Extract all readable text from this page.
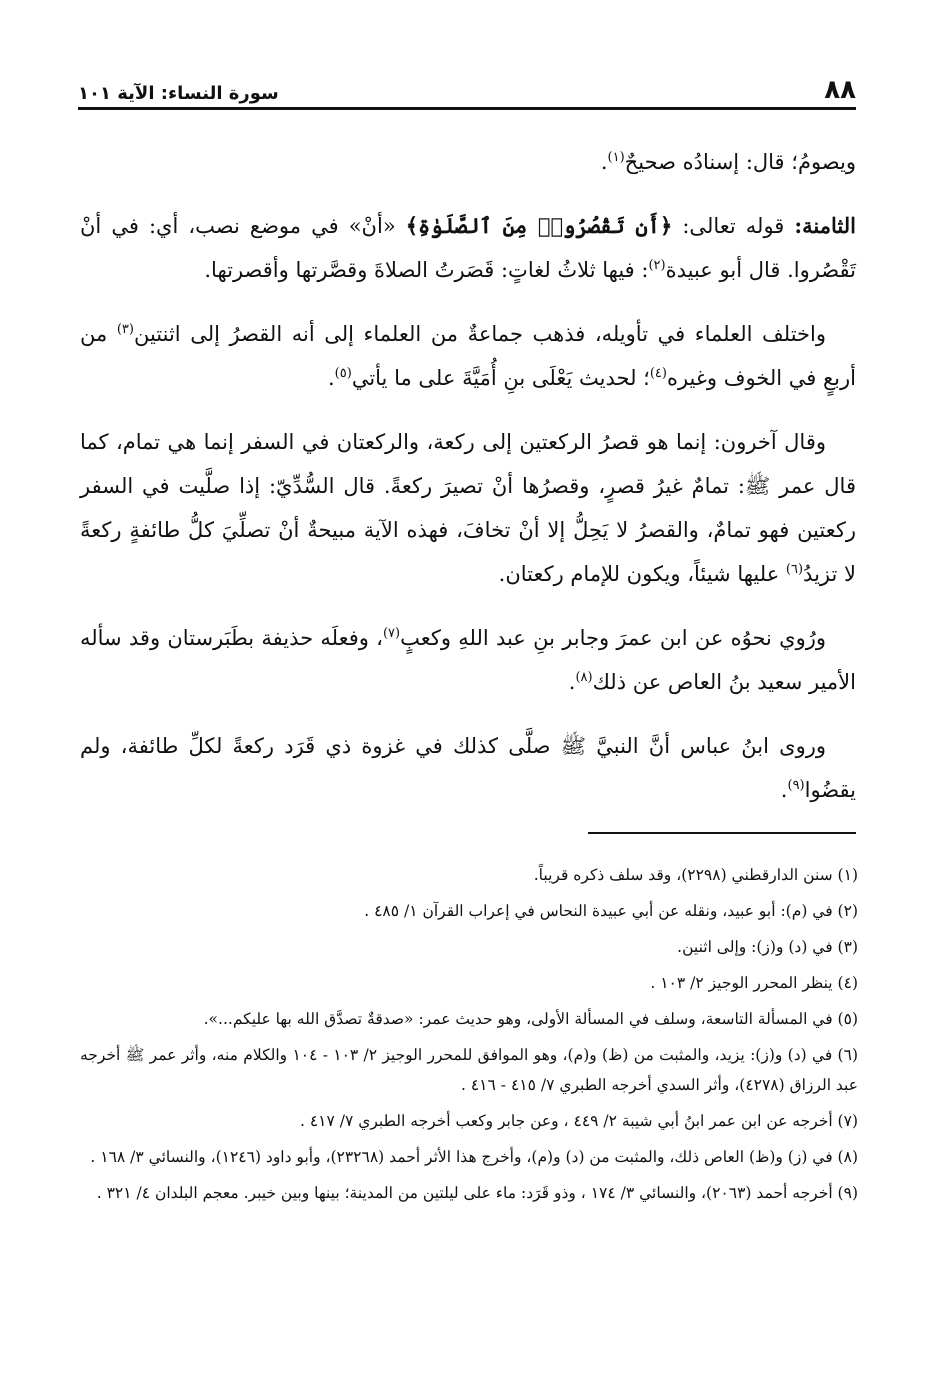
٨٨
سورة النساء: الآية ١٠١

ويصومُ؛ قال: إسنادُه صحيحٌ$^{(١)}$.

الثامنة: قوله تعالى: ﴿أَن تَقْصُرُوا۟ مِنَ ٱلصَّلَوٰةِ﴾ «أنْ» في موضع نصب، أي: في أنْ تَقْصُروا. قال أبو عبيدة$^{(٢)}$: فيها ثلاثُ لغاتٍ: قَصَرتُ الصلاةَ وقصَّرتها وأقصرتها.

واختلف العلماء في تأويله، فذهب جماعةٌ من العلماء إلى أنه القصرُ إلى اثنتين$^{(٣)}$ من أربعٍ في الخوف وغيره$^{(٤)}$؛ لحديث يَعْلَى بنِ أُمَيَّةَ على ما يأتي$^{(٥)}$.

وقال آخرون: إنما هو قصرُ الركعتين إلى ركعة، والركعتان في السفر إنما هي تمام، كما قال عمر ﷺ: تمامٌ غيرُ قصرٍ، وقصرُها أنْ تصيرَ ركعةً. قال السُّدِّيّ: إذا صلَّيت في السفر ركعتين فهو تمامٌ، والقصرُ لا يَحِلُّ إلا أنْ تخافَ، فهذه الآية مبيحةٌ أنْ تصلِّيَ كلُّ طائفةٍ ركعةً لا تزيدُ$^{(٦)}$ عليها شيئاً، ويكون للإمام ركعتان.

ورُوي نحوُه عن ابن عمرَ وجابر بنِ عبد اللهِ وكعبٍ$^{(٧)}$، وفعلَه حذيفة بطَبَرستان وقد سأله الأمير سعيد بنُ العاص عن ذلك$^{(٨)}$.

وروى ابنُ عباس أنَّ النبيَّ ﷺ صلَّى كذلك في غزوة ذي قَرَد ركعةً لكلِّ طائفة، ولم يقضُوا$^{(٩)}$.

(١) سنن الدارقطني (٢٢٩٨)، وقد سلف ذكره قريباً.

(٢) في (م): أبو عبيد، ونقله عن أبي عبيدة النحاس في إعراب القرآن ١/ ٤٨٥ .

(٣) في (د) و(ز): وإلى اثنين.

(٤) ينظر المحرر الوجيز ٢/ ١٠٣ .

(٥) في المسألة التاسعة، وسلف في المسألة الأولى، وهو حديث عمر: «صدقةٌ تصدَّق الله بها عليكم...».

(٦) في (د) و(ز): يزيد، والمثبت من (ظ) و(م)، وهو الموافق للمحرر الوجيز ٢/ ١٠٣ - ١٠٤ والكلام منه، وأثر عمر ﷺ أخرجه عبد الرزاق (٤٢٧٨)، وأثر السدي أخرجه الطبري ٧/ ٤١٥ - ٤١٦ .

(٧) أخرجه عن ابن عمر ابنُ أبي شيبة ٢/ ٤٤٩ ، وعن جابر وكعب أخرجه الطبري ٧/ ٤١٧ .

(٨) في (ز) و(ظ) العاص ذلك، والمثبت من (د) و(م)، وأخرج هذا الأثر أحمد (٢٣٢٦٨)، وأبو داود (١٢٤٦)، والنسائي ٣/ ١٦٨ .

(٩) أخرجه أحمد (٢٠٦٣)، والنسائي ٣/ ١٧٤ ، وذو قَرَد: ماء على ليلتين من المدينة؛ بينها وبين خيبر. معجم البلدان ٤/ ٣٢١ .
